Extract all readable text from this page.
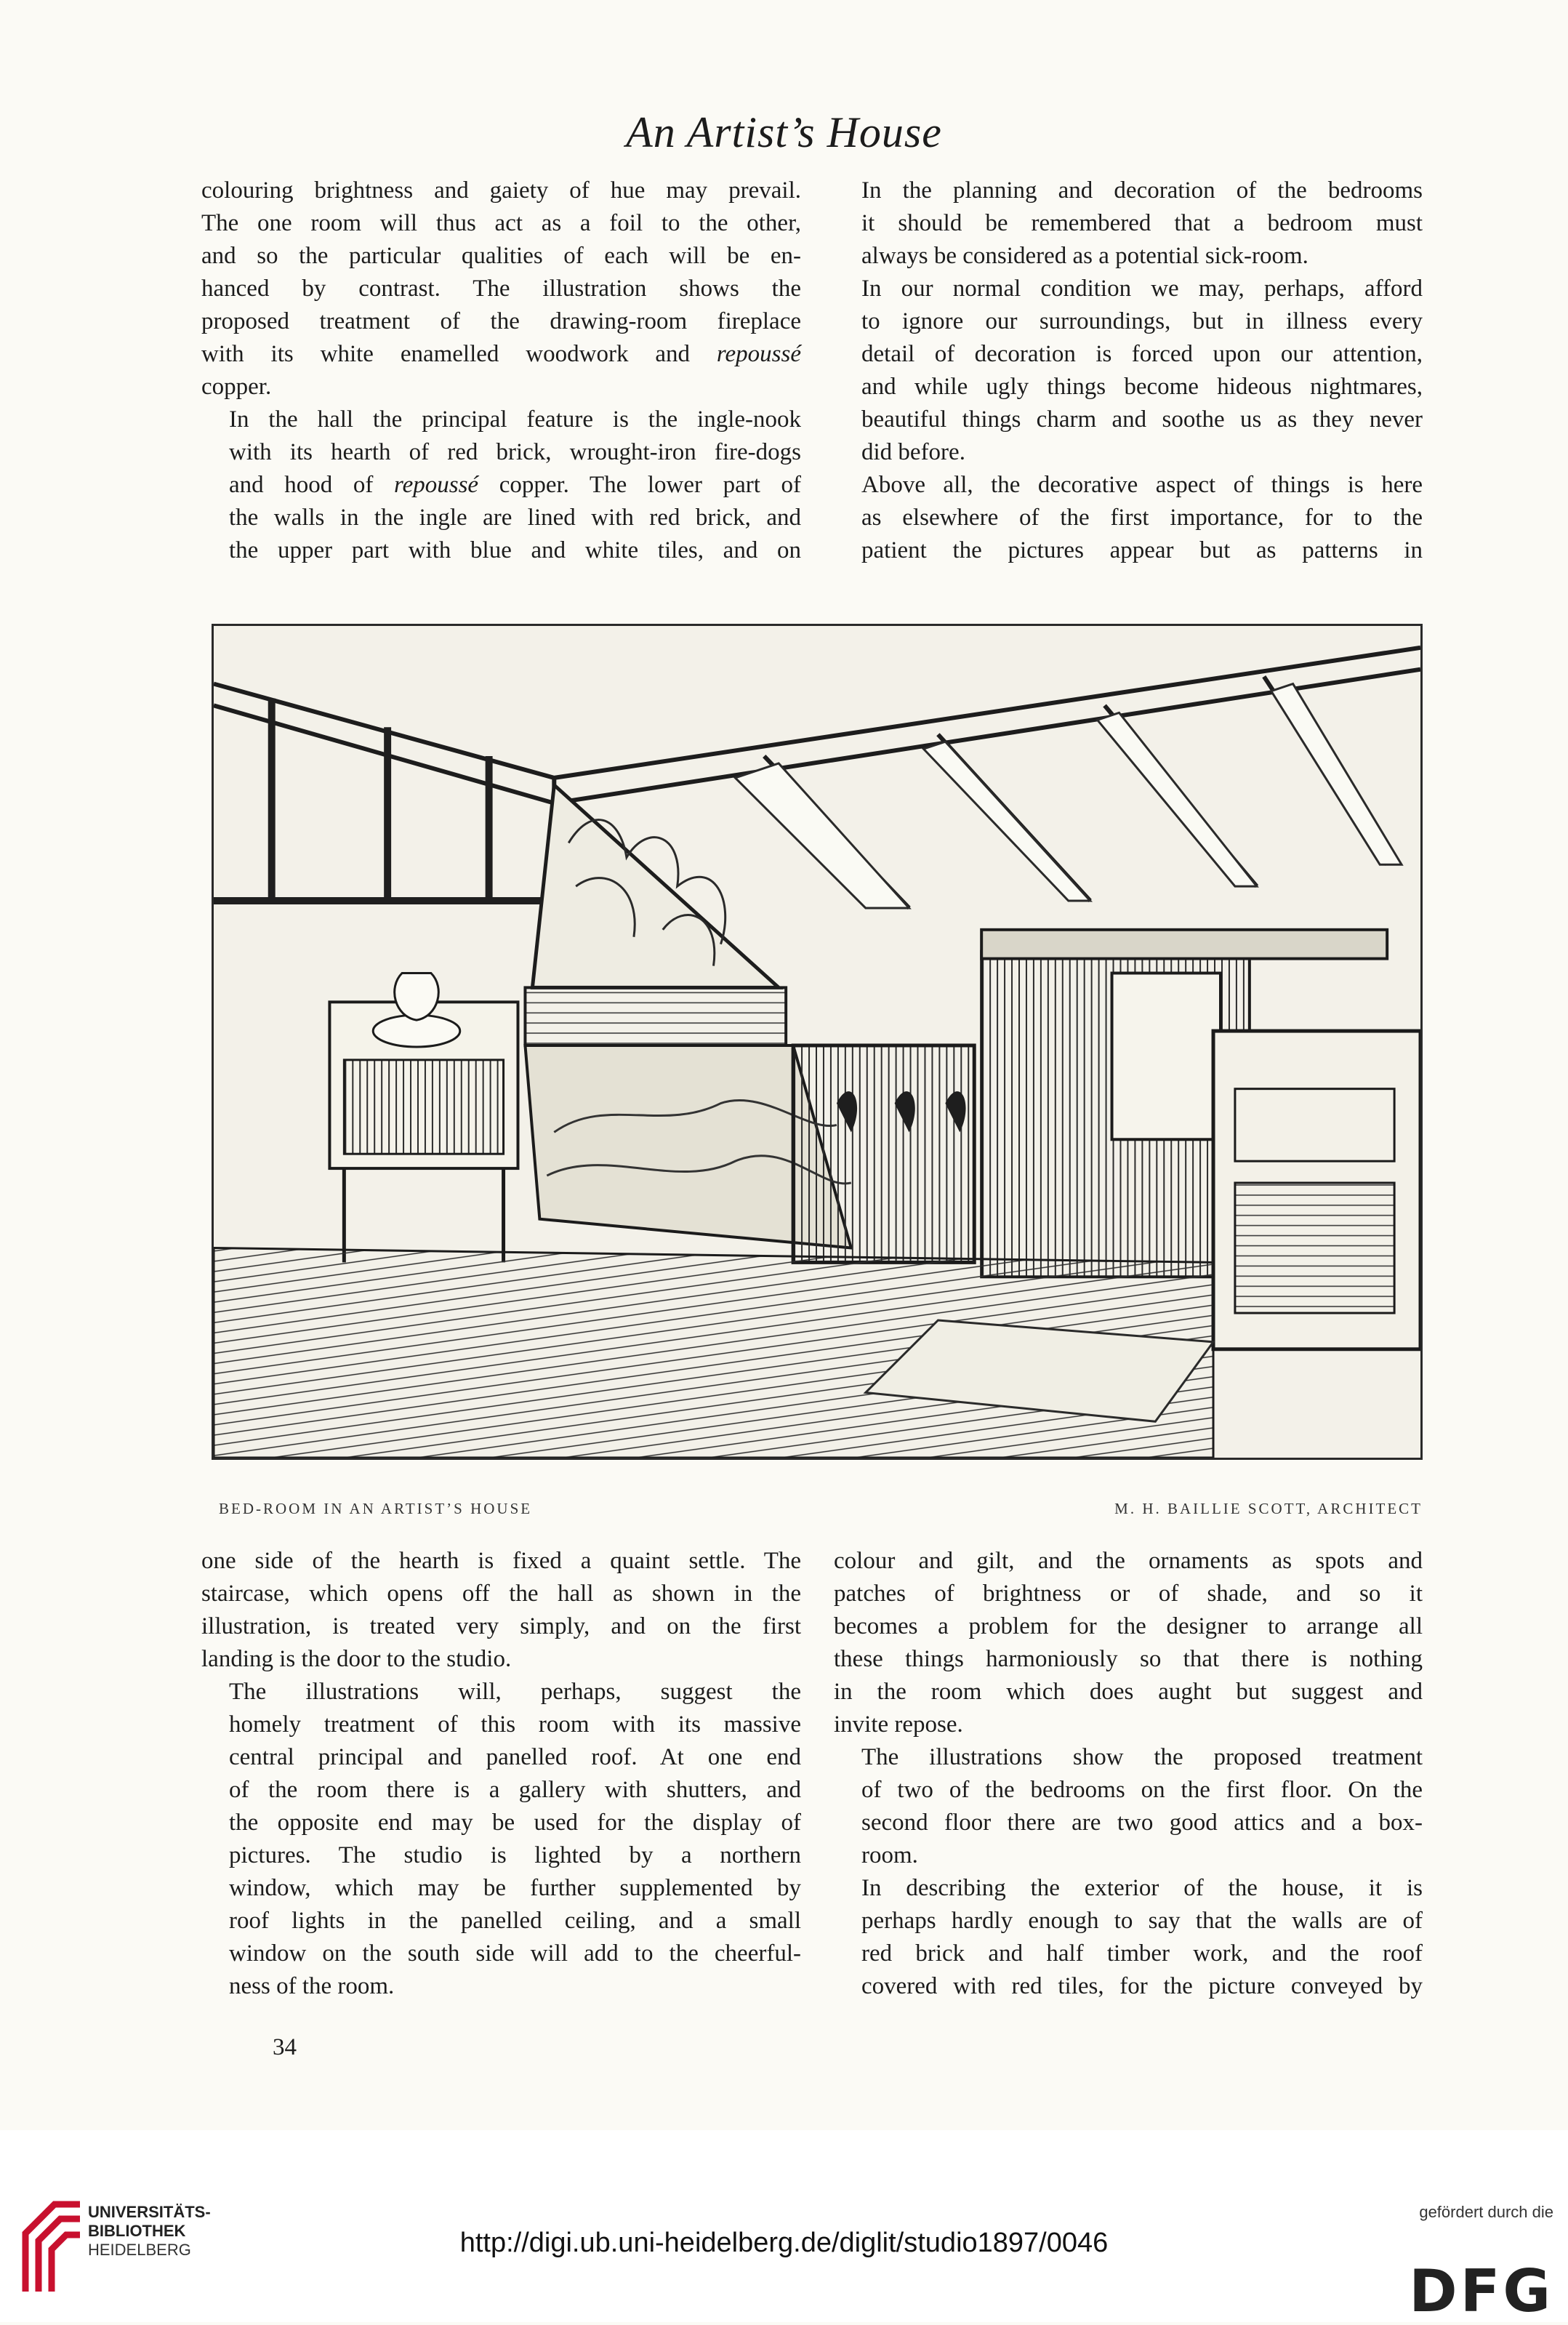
An Artist’s House

colouring brightness and gaiety of hue may prevail.
The one room will thus act as a foil to the other,
and so the particular qualities of each will be en-
hanced by contrast. The illustration shows the
proposed treatment of the drawing-room fireplace
with its white enamelled woodwork and repoussé
copper.

In the hall the principal feature is the ingle-nook
with its hearth of red brick, wrought-iron fire-dogs
and hood of repoussé copper. The lower part of
the walls in the ingle are lined with red brick, and
the upper part with blue and white tiles, and on

In the planning and decoration of the bedrooms
it should be remembered that a bedroom must
always be considered as a potential sick-room.

In our normal condition we may, perhaps, afford
to ignore our surroundings, but in illness every
detail of decoration is forced upon our attention,
and while ugly things become hideous nightmares,
beautiful things charm and soothe us as they never
did before.

Above all, the decorative aspect of things is here
as elsewhere of the first importance, for to the
patient the pictures appear but as patterns in

BED-ROOM IN AN ARTIST’S HOUSE	M. H. BAILLIE SCOTT, ARCHITECT

one side of the hearth is fixed a quaint settle. The
staircase, which opens off the hall as shown in the
illustration, is treated very simply, and on the first
landing is the door to the studio.

The illustrations will, perhaps, suggest the
homely treatment of this room with its massive
central principal and panelled roof. At one end
of the room there is a gallery with shutters, and
the opposite end may be used for the display of
pictures. The studio is lighted by a northern
window, which may be further supplemented by
roof lights in the panelled ceiling, and a small
window on the south side will add to the cheerful-
ness of the room.

colour and gilt, and the ornaments as spots and
patches of brightness or of shade, and so it
becomes a problem for the designer to arrange all
these things harmoniously so that there is nothing
in the room which does aught but suggest and
invite repose.

The illustrations show the proposed treatment
of two of the bedrooms on the first floor. On the
second floor there are two good attics and a box-
room.

In describing the exterior of the house, it is
perhaps hardly enough to say that the walls are of
red brick and half timber work, and the roof
covered with red tiles, for the picture conveyed by

34
UNIVERSITÄTS-
BIBLIOTHEK
HEIDELBERG	http://digi.ub.uni-heidelberg.de/diglit/studio1897/0046
gefördert durch die
DFG
